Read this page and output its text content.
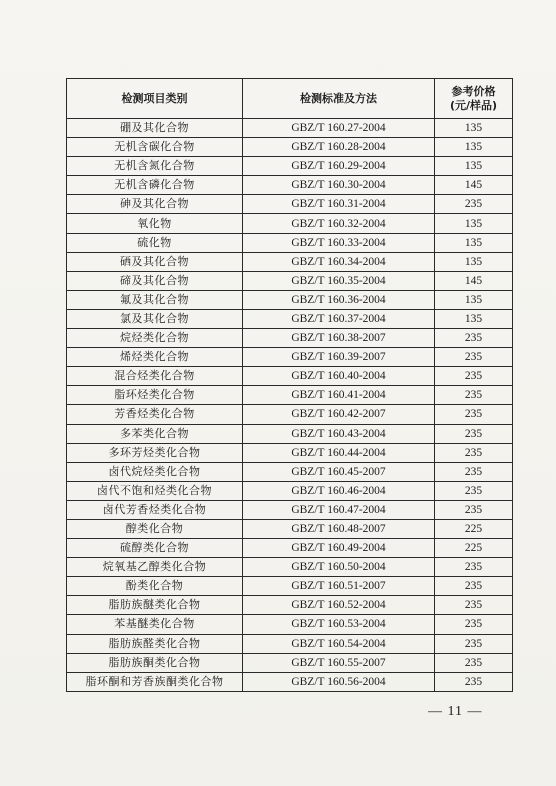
检测项目类别	检测标准及方法	参考价格
(元/样品)

硼及其化合物	GBZ/T 160.27-2004	135
无机含碳化合物	GBZ/T 160.28-2004	135
无机含氮化合物	GBZ/T 160.29-2004	135
无机含磷化合物	GBZ/T 160.30-2004	145
砷及其化合物	GBZ/T 160.31-2004	235
氧化物	GBZ/T 160.32-2004	135
硫化物	GBZ/T 160.33-2004	135
硒及其化合物	GBZ/T 160.34-2004	135
碲及其化合物	GBZ/T 160.35-2004	145
氟及其化合物	GBZ/T 160.36-2004	135
氯及其化合物	GBZ/T 160.37-2004	135
烷烃类化合物	GBZ/T 160.38-2007	235
烯烃类化合物	GBZ/T 160.39-2007	235
混合烃类化合物	GBZ/T 160.40-2004	235
脂环烃类化合物	GBZ/T 160.41-2004	235
芳香烃类化合物	GBZ/T 160.42-2007	235
多苯类化合物	GBZ/T 160.43-2004	235
多环芳烃类化合物	GBZ/T 160.44-2004	235
卤代烷烃类化合物	GBZ/T 160.45-2007	235
卤代不饱和烃类化合物	GBZ/T 160.46-2004	235
卤代芳香烃类化合物	GBZ/T 160.47-2004	235
醇类化合物	GBZ/T 160.48-2007	225
硫醇类化合物	GBZ/T 160.49-2004	225
烷氧基乙醇类化合物	GBZ/T 160.50-2004	235
酚类化合物	GBZ/T 160.51-2007	235
脂肪族醚类化合物	GBZ/T 160.52-2004	235
苯基醚类化合物	GBZ/T 160.53-2004	235
脂肪族醛类化合物	GBZ/T 160.54-2004	235
脂肪族酮类化合物	GBZ/T 160.55-2007	235
脂环酮和芳香族酮类化合物	GBZ/T 160.56-2004	235
— 11 —
